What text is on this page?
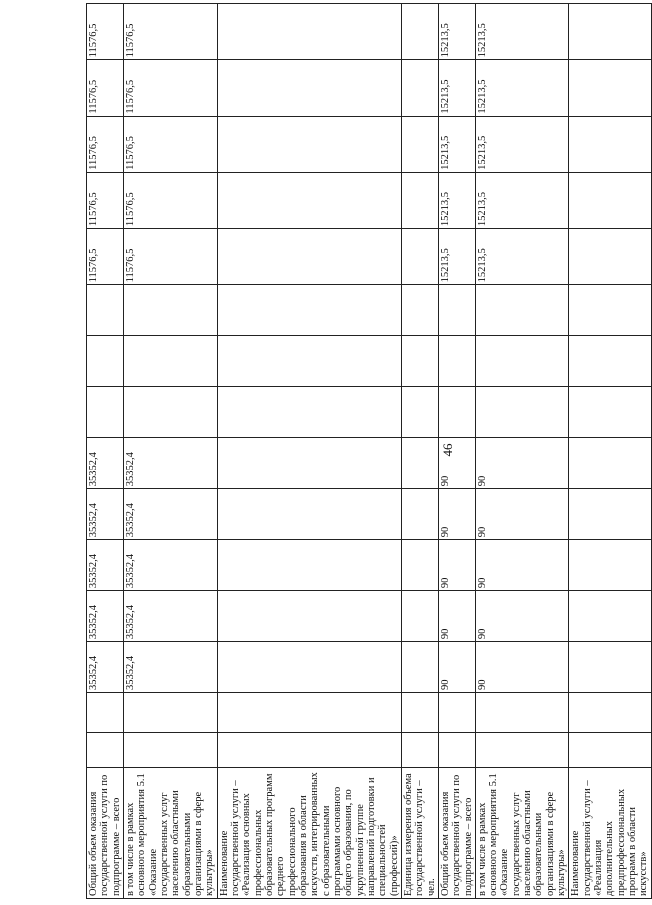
46
Общий объем оказания государственной услуги по подпрограмме – всего			35352,4	35352,4	35352,4	35352,4	35352,4				11576,5	11576,5	11576,5	11576,5	11576,5
в том числе в рамках основного мероприятия 5.1 «Оказание государственных услуг населению областными образовательными организациями в сфере культуры»			35352,4	35352,4	35352,4	35352,4	35352,4				11576,5	11576,5	11576,5	11576,5	11576,5
Наименование государственной услуги – «Реализация основных профессиональных образовательных программ среднего профессионального образования в области искусств, интегрированных с образовательными программами основного общего образования, по укрупненной группе направлений подготовки и специальностей (профессий)»															
Единица измерения объема государственной услуги – чел.															
Общий объем оказания государственной услуги по подпрограмме – всего			90	90	90	90	90				15213,5	15213,5	15213,5	15213,5	15213,5
в том числе в рамках основного мероприятия 5.1 «Оказание государственных услуг населению областными образовательными организациями в сфере культуры»			90	90	90	90	90				15213,5	15213,5	15213,5	15213,5	15213,5
Наименование государственной услуги – «Реализация дополнительных предпрофессиональных программ в области искусств»															
